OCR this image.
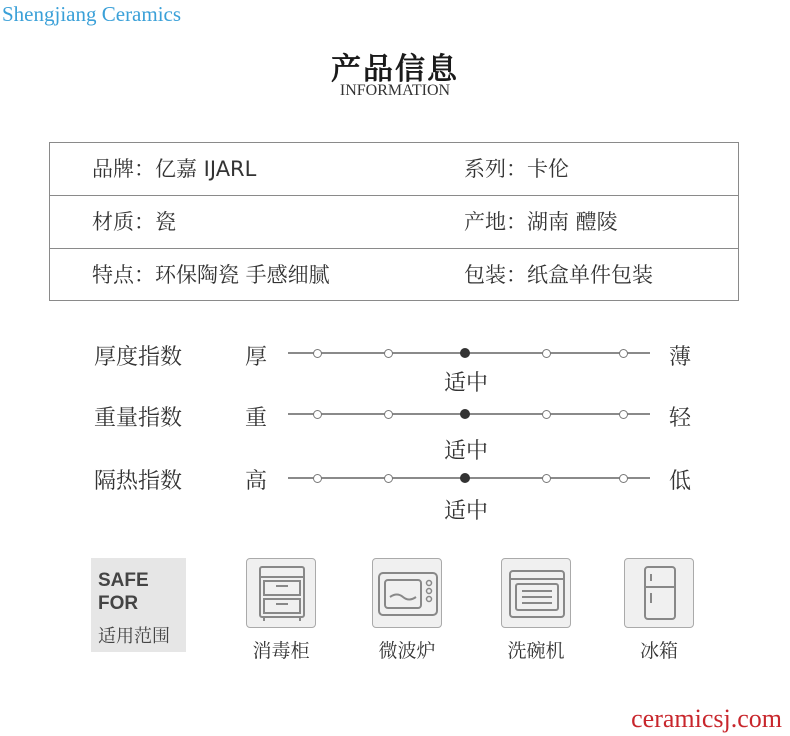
Shengjiang Ceramics
产品信息
INFORMATION
品牌：亿嘉 IJARL	系列：卡伦
材质：瓷	产地：湖南 醴陵
特点：环保陶瓷 手感细腻	包装：纸盒单件包装
厚度指数	厚	薄
适中
重量指数	重	轻
适中
隔热指数	高	低
适中
SAFE
FOR
适用范围
消毒柜	微波炉	洗碗机	冰箱
ceramicsj.com
